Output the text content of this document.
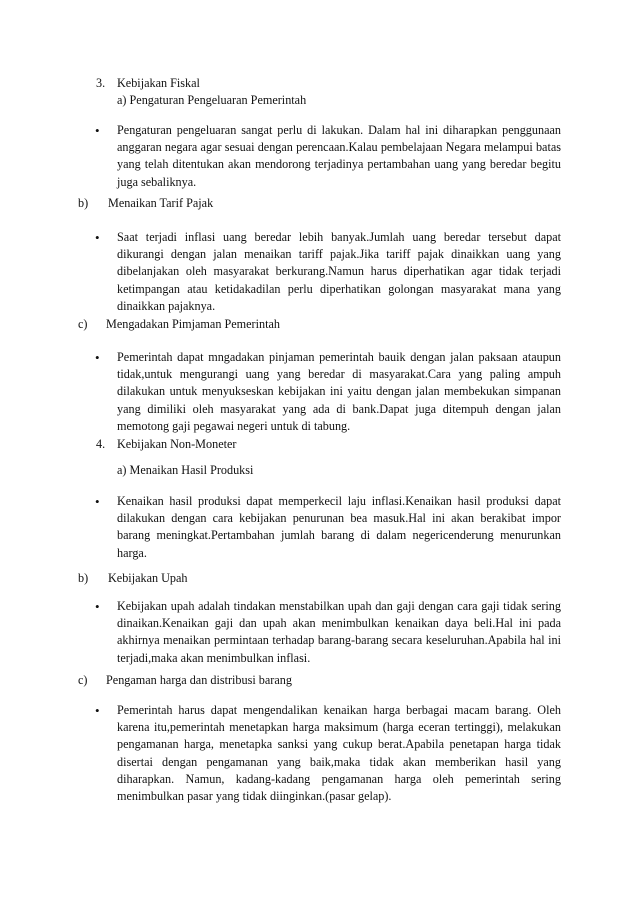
3. Kebijakan Fiskal
a) Pengaturan Pengeluaran Pemerintah
• Pengaturan pengeluaran sangat perlu di lakukan. Dalam hal ini diharapkan penggunaan anggaran negara agar sesuai dengan perencaan.Kalau pembelajaan Negara melampui batas yang telah ditentukan akan mendorong terjadinya pertambahan uang yang beredar begitu juga sebaliknya.
b) Menaikan Tarif Pajak
• Saat terjadi inflasi uang beredar lebih banyak.Jumlah uang beredar tersebut dapat dikurangi dengan jalan menaikan tariff pajak.Jika tariff pajak dinaikkan uang yang dibelanjakan oleh masyarakat berkurang.Namun harus diperhatikan agar tidak terjadi ketimpangan atau ketidakadilan perlu diperhatikan golongan masyarakat mana yang dinaikkan pajaknya.
c) Mengadakan Pimjaman Pemerintah
• Pemerintah dapat mngadakan pinjaman pemerintah bauik dengan jalan paksaan ataupun tidak,untuk mengurangi uang yang beredar di masyarakat.Cara yang paling ampuh dilakukan untuk menyukseskan kebijakan ini yaitu dengan jalan membekukan simpanan yang dimiliki oleh masyarakat yang ada di bank.Dapat juga ditempuh dengan jalan memotong gaji pegawai negeri untuk di tabung.
4. Kebijakan Non-Moneter
a) Menaikan Hasil Produksi
• Kenaikan hasil produksi dapat memperkecil laju inflasi.Kenaikan hasil produksi dapat dilakukan dengan cara kebijakan penurunan bea masuk.Hal ini akan berakibat impor barang meningkat.Pertambahan jumlah barang di dalam negericenderung menurunkan harga.
b) Kebijakan Upah
• Kebijakan upah adalah tindakan menstabilkan upah dan gaji dengan cara gaji tidak sering dinaikan.Kenaikan gaji dan upah akan menimbulkan kenaikan daya beli.Hal ini pada akhirnya menaikan permintaan terhadap barang-barang secara keseluruhan.Apabila hal ini terjadi,maka akan menimbulkan inflasi.
c) Pengaman harga dan distribusi barang
• Pemerintah harus dapat mengendalikan kenaikan harga berbagai macam barang. Oleh karena itu,pemerintah menetapkan harga maksimum (harga eceran tertinggi), melakukan pengamanan harga, menetapka sanksi yang cukup berat.Apabila penetapan harga tidak disertai dengan pengamanan yang baik,maka tidak akan memberikan hasil yang diharapkan. Namun, kadang-kadang pengamanan harga oleh pemerintah sering menimbulkan pasar yang tidak diinginkan.(pasar gelap).
